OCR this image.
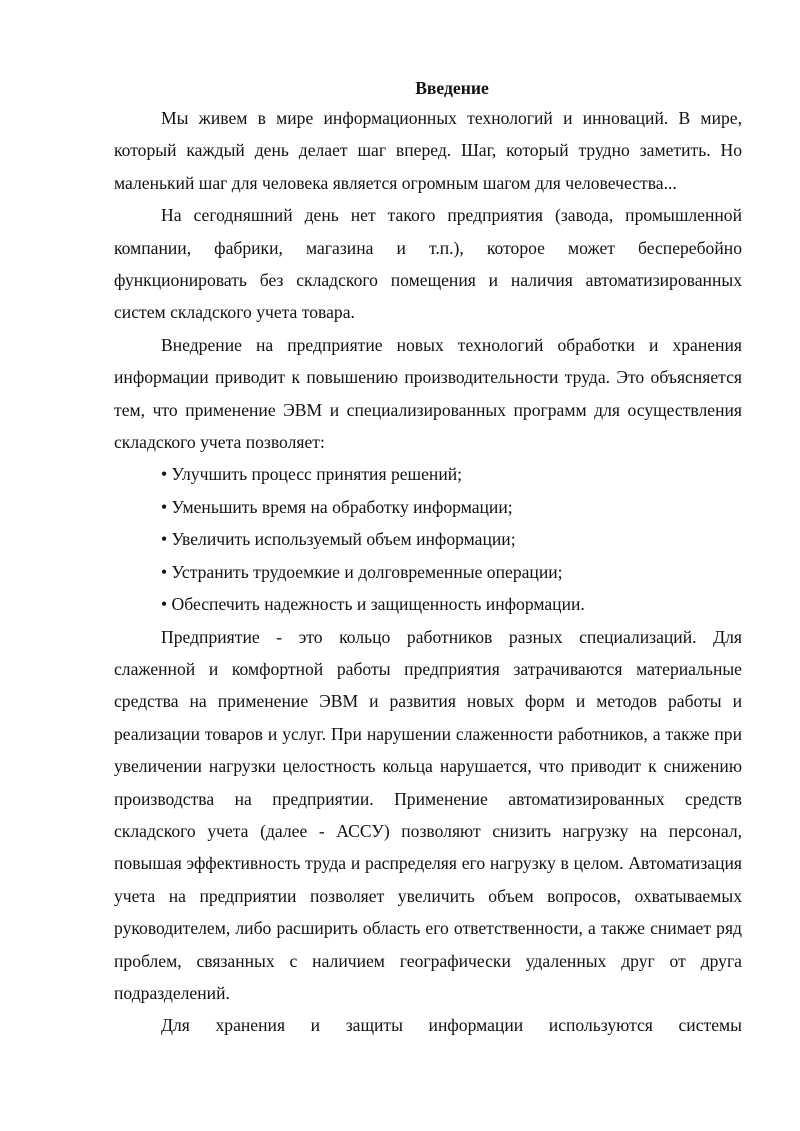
Введение

Мы живем в мире информационных технологий и инноваций. В мире, который каждый день делает шаг вперед. Шаг, который трудно заметить. Но маленький шаг для человека является огромным шагом для человечества...

На сегодняшний день нет такого предприятия (завода, промышленной компании, фабрики, магазина и т.п.), которое может бесперебойно функционировать без складского помещения и наличия автоматизированных систем складского учета товара.

Внедрение на предприятие новых технологий обработки и хранения информации приводит к повышению производительности труда. Это объясняется тем, что применение ЭВМ и специализированных программ для осуществления складского учета позволяет:

• Улучшить процесс принятия решений;
• Уменьшить время на обработку информации;
• Увеличить используемый объем информации;
• Устранить трудоемкие и долговременные операции;
• Обеспечить надежность и защищенность информации.

Предприятие - это кольцо работников разных специализаций. Для слаженной и комфортной работы предприятия затрачиваются материальные средства на применение ЭВМ и развития новых форм и методов работы и реализации товаров и услуг. При нарушении слаженности работников, а также при увеличении нагрузки целостность кольца нарушается, что приводит к снижению производства на предприятии. Применение автоматизированных средств складского учета (далее - АССУ) позволяют снизить нагрузку на персонал, повышая эффективность труда и распределяя его нагрузку в целом. Автоматизация учета на предприятии позволяет увеличить объем вопросов, охватываемых руководителем, либо расширить область его ответственности, а также снимает ряд проблем, связанных с наличием географически удаленных друг от друга подразделений.

Для хранения и защиты информации используются системы
